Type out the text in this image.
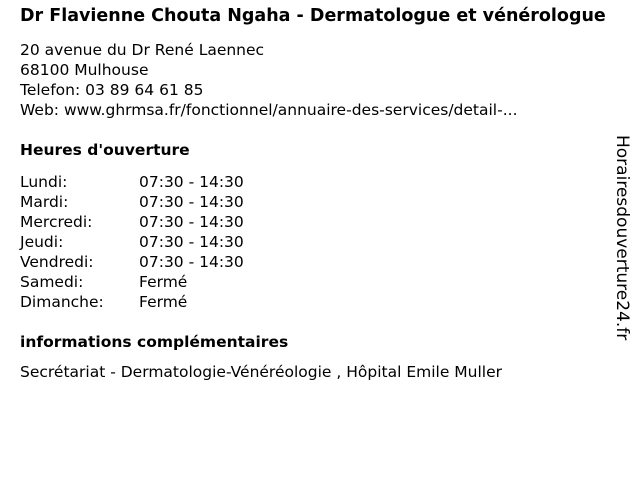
Dr Flavienne Chouta Ngaha - Dermatologue et vénérologue
20 avenue du Dr René Laennec
68100 Mulhouse
Telefon: 03 89 64 61 85
Web: www.ghrmsa.fr/fonctionnel/annuaire-des-services/detail-...
Heures d'ouverture
Lundi:	07:30 - 14:30
Mardi:	07:30 - 14:30
Mercredi:	07:30 - 14:30
Jeudi:	07:30 - 14:30
Vendredi:	07:30 - 14:30
Samedi:	Fermé
Dimanche:	Fermé
informations complémentaires
Secrétariat - Dermatologie-Vénéréologie , Hôpital Emile Muller
Horairesdouverture24.fr
